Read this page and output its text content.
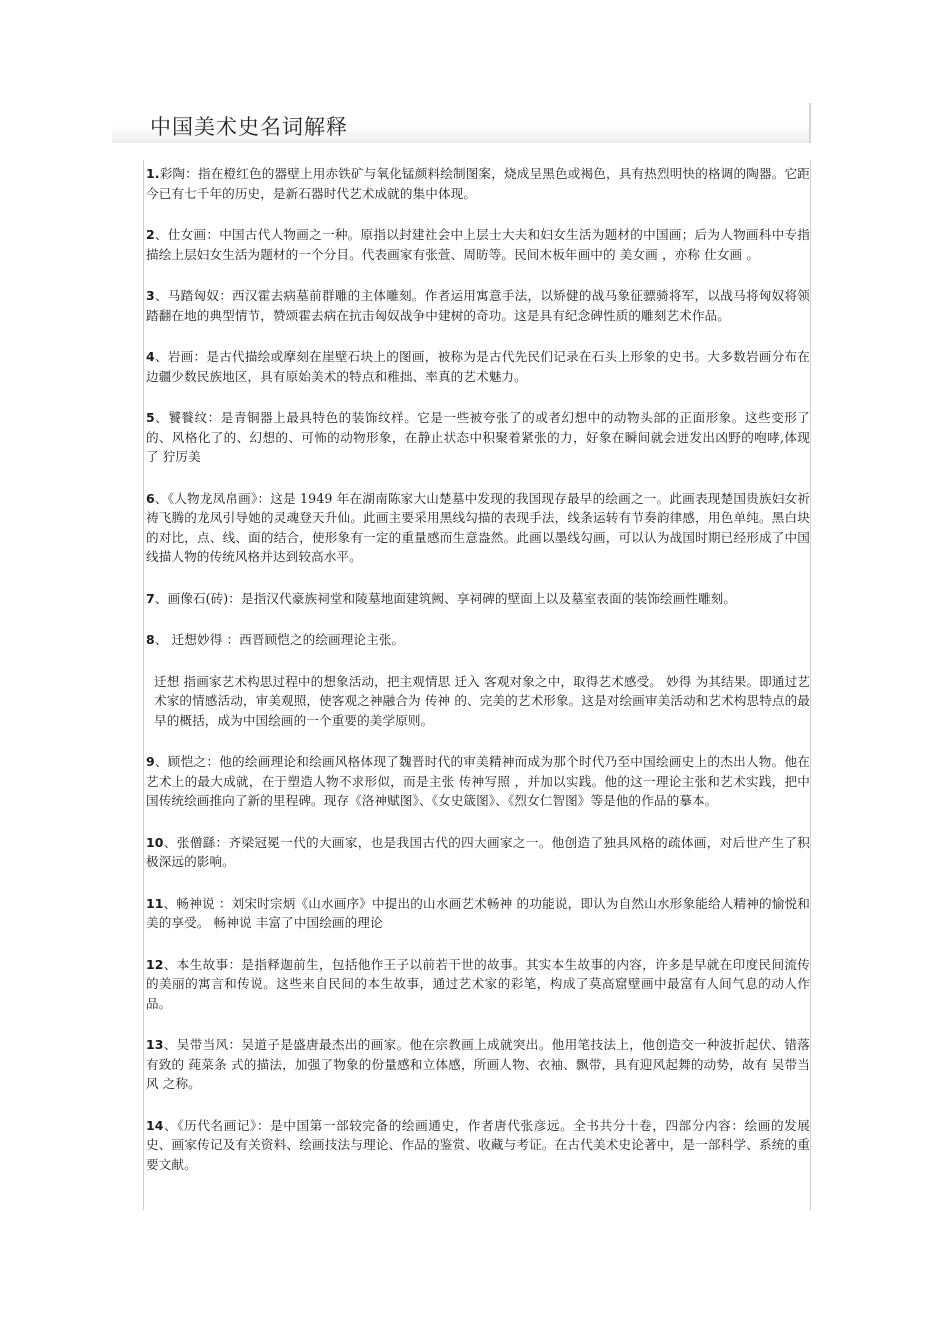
中国美术史名词解释

1.彩陶：指在橙红色的器壁上用赤铁矿与氧化锰颜料绘制图案，烧成呈黑色或褐色，具有热烈明快的格调的陶器。它距今已有七千年的历史，是新石器时代艺术成就的集中体现。

2、仕女画：中国古代人物画之一种。原指以封建社会中上层士大夫和妇女生活为题材的中国画；后为人物画科中专指描绘上层妇女生活为题材的一个分目。代表画家有张萱、周昉等。民间木板年画中的 美女画 ，亦称 仕女画 。

3、马踏匈奴：西汉霍去病墓前群雕的主体雕刻。作者运用寓意手法，以矫健的战马象征骠骑将军，以战马将匈奴将领踏翻在地的典型情节，赞颂霍去病在抗击匈奴战争中建树的奇功。这是具有纪念碑性质的雕刻艺术作品。

4、岩画：是古代描绘或摩刻在崖壁石块上的图画，被称为是古代先民们记录在石头上形象的史书。大多数岩画分布在边疆少数民族地区，具有原始美术的特点和稚拙、率真的艺术魅力。

5、饕餮纹：是青铜器上最具特色的装饰纹样。它是一些被夸张了的或者幻想中的动物头部的正面形象。这些变形了的、风格化了的、幻想的、可怖的动物形象，在静止状态中积聚着紧张的力，好象在瞬间就会迸发出凶野的咆哮,体现了 狞厉美

6、《人物龙凤帛画》：这是 1949 年在湖南陈家大山楚墓中发现的我国现存最早的绘画之一。此画表现楚国贵族妇女祈祷飞腾的龙凤引导她的灵魂登天升仙。此画主要采用黑线勾描的表现手法，线条运转有节奏韵律感，用色单纯。黑白块的对比，点、线、面的结合，使形象有一定的重量感而生意盎然。此画以墨线勾画，可以认为战国时期已经形成了中国线描人物的传统风格并达到较高水平。

7、画像石(砖)：是指汉代豪族祠堂和陵墓地面建筑阙、享祠碑的壁面上以及墓室表面的装饰绘画性雕刻。

8、 迁想妙得 ：西晋顾恺之的绘画理论主张。

迁想 指画家艺术构思过程中的想象活动，把主观情思 迁入 客观对象之中，取得艺术感受。 妙得 为其结果。即通过艺术家的情感活动，审美观照，使客观之神融合为 传神 的、完美的艺术形象。这是对绘画审美活动和艺术构思特点的最早的概括，成为中国绘画的一个重要的美学原则。

9、顾恺之：他的绘画理论和绘画风格体现了魏晋时代的审美精神而成为那个时代乃至中国绘画史上的杰出人物。他在艺术上的最大成就，在于塑造人物不求形似，而是主张 传神写照 ，并加以实践。他的这一理论主张和艺术实践，把中国传统绘画推向了新的里程碑。现存《洛神赋图》、《女史箴图》、《烈女仁智图》等是他的作品的摹本。

10、张僧繇：齐梁冠冕一代的大画家，也是我国古代的四大画家之一。他创造了独具风格的疏体画，对后世产生了积极深远的影响。

11、畅神说 ：刘宋时宗炳《山水画序》中提出的山水画艺术畅神 的功能说，即认为自然山水形象能给人精神的愉悦和美的享受。 畅神说 丰富了中国绘画的理论

12、本生故事：是指释迦前生，包括他作王子以前若干世的故事。其实本生故事的内容，许多是早就在印度民间流传的美丽的寓言和传说。这些来自民间的本生故事，通过艺术家的彩笔，构成了莫高窟壁画中最富有人间气息的动人作品。

13、吴带当风：吴道子是盛唐最杰出的画家。他在宗教画上成就突出。他用笔技法上，他创造交一种波折起伏、错落有致的 莼菜条 式的描法，加强了物象的份量感和立体感，所画人物、衣袖、飘带，具有迎风起舞的动势，故有 吴带当风 之称。

14、《历代名画记》：是中国第一部较完备的绘画通史，作者唐代张彦远。全书共分十卷，四部分内容：绘画的发展史、画家传记及有关资料、绘画技法与理论、作品的鉴赏、收藏与考证。在古代美术史论著中，是一部科学、系统的重要文献。
